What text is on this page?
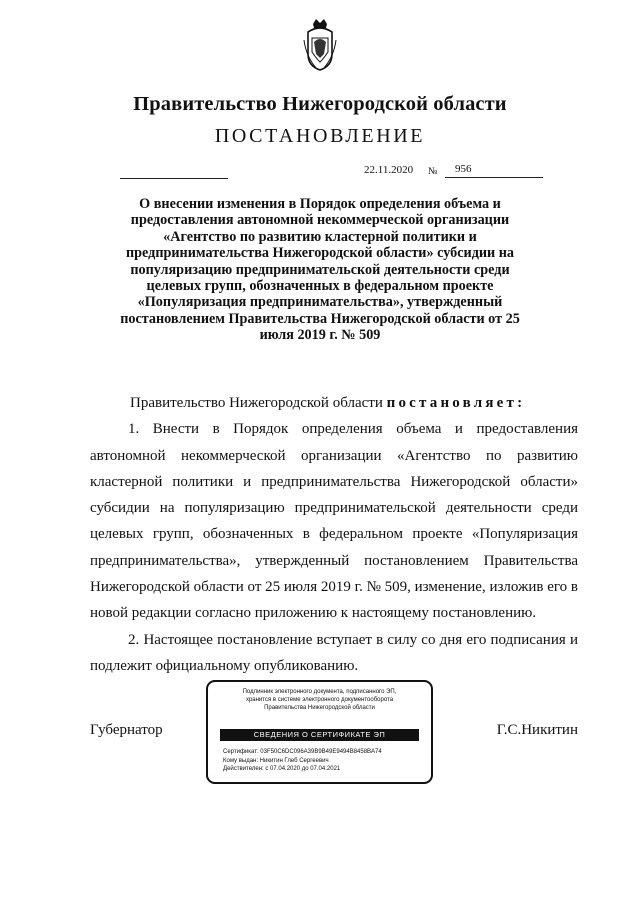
Правительство Нижегородской области
ПОСТАНОВЛЕНИЕ
22.11.2020 №	956
О внесении изменения в Порядок определения объема и предоставления автономной некоммерческой организации «Агентство по развитию кластерной политики и предпринимательства Нижегородской области» субсидии на популяризацию предпринимательской деятельности среди целевых групп, обозначенных в федеральном проекте «Популяризация предпринимательства», утвержденный постановлением Правительства Нижегородской области от 25 июля 2019 г. № 509

Правительство Нижегородской области постановляет:

1. Внести в Порядок определения объема и предоставления автономной некоммерческой организации «Агентство по развитию кластерной политики и предпринимательства Нижегородской области» субсидии на популяризацию предпринимательской деятельности среди целевых групп, обозначенных в федеральном проекте «Популяризация предпринимательства», утвержденный постановлением Правительства Нижегородской области от 25 июля 2019 г. № 509, изменение, изложив его в новой редакции согласно приложению к настоящему постановлению.

2. Настоящее постановление вступает в силу со дня его подписания и подлежит официальному опубликованию.

Губернатор	Г.С.Никитин
Подлинник электронного документа, подписанного ЭП,
хранится в системе электронного документооборота
Правительства Нижегородской области
СВЕДЕНИЯ О СЕРТИФИКАТЕ ЭП
Сертификат: 03F50C6DC096A39B9B49E9494B8458BA74
Кому выдан: Никитин Глеб Сергеевич
Действителен: с 07.04.2020 до 07.04.2021
